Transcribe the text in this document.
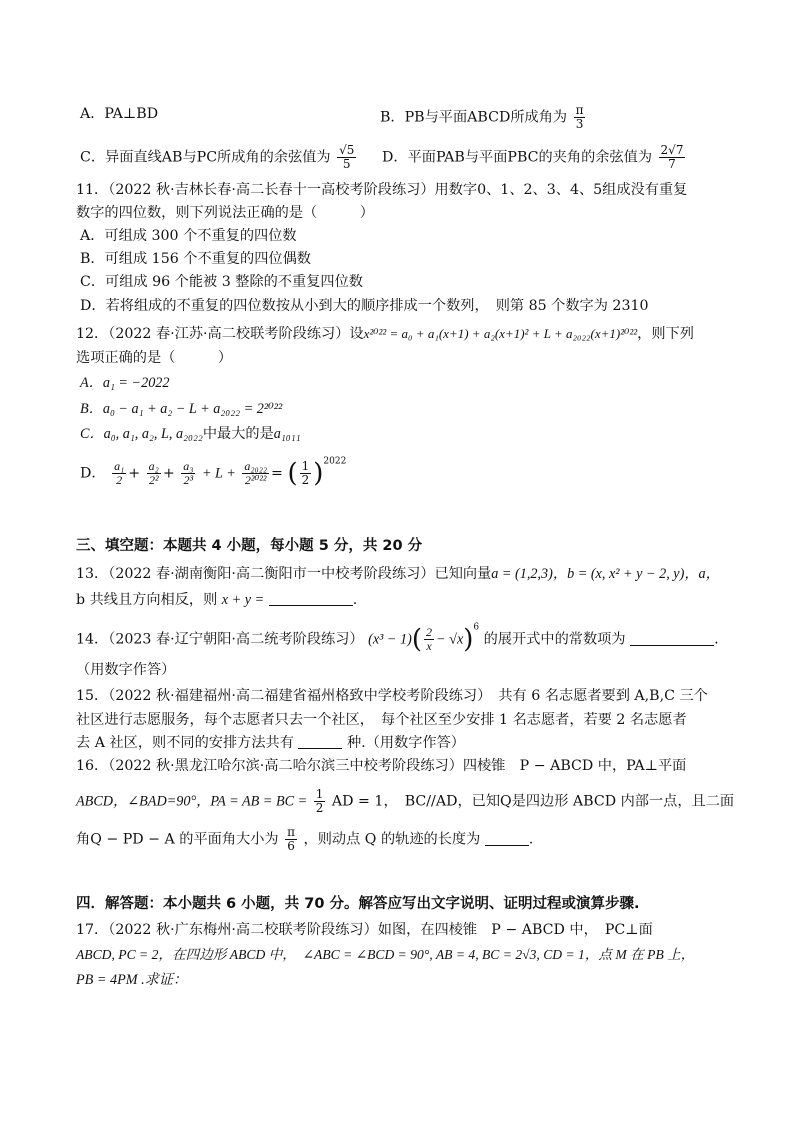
A．PA⊥BD	B．PB与平面ABCD所成角为 $\frac{\pi}{3}$
C．异面直线AB与PC所成角的余弦值为 $\frac{√5}{5}$ D．平面PAB与平面PBC的夹角的余弦值为 $\frac{2√7}{7}$
11．（2022 秋·吉林长春·高二长春十一高校考阶段练习）用数字0、1、2、3、4、5组成没有重复
数字的四位数，则下列说法正确的是（　　　）
A．可组成 300 个不重复的四位数
B．可组成 156 个不重复的四位偶数
C．可组成 96 个能被 3 整除的不重复四位数
D．若将组成的不重复的四位数按从小到大的顺序排成一个数列，　则第 85 个数字为 2310
12．（2022 春·江苏·高二校联考阶段练习）设x²⁰²² = a₀ + a₁(x+1) + a₂(x+1)² + L + a₂₀₂₂(x+1)²⁰²²，则下列
选项正确的是（　　　）
A．a₁ = −2022
B．a₀ − a₁ + a₂ − L + a₂₀₂₂ = 2²⁰²²
C．a₀, a₁, a₂, L, a₂₀₂₂中最大的是a₁₀₁₁
D． $\frac{\text{a₁}}{2} + \frac{\text{a₂}}{\text{2²}} + \frac{\text{a₃}}{\text{2³}} + L + \frac{\text{a₂₀₂₂}}{\text{2²⁰²²}}$ = ( $\frac{1}{2} )^{2022}$
三、填空题：本题共 4 小题，每小题 5 分，共 20 分
13．（2022 春·湖南衡阳·高二衡阳市一中校考阶段练习）已知向量a = (1,2,3)，b = (x, x² + y − 2, y)，a，
b 共线且方向相反，则 x + y =	.
14．（2023 春·辽宁朝阳·高二统考阶段练习） $(x^3 - 1)( \frac{2}{x} - √x)^6$ 的展开式中的常数项为	.
（用数字作答）
15．（2022 秋·福建福州·高二福建省福州格致中学校考阶段练习）　共有 6 名志愿者要到 A,B,C 三个
社区进行志愿服务，每个志愿者只去一个社区，　每个社区至少安排 1 名志愿者，若要 2 名志愿者
去 A 社区，则不同的安排方法共有	种.（用数字作答）
16．（2022 秋·黑龙江哈尔滨·高二哈尔滨三中校考阶段练习）四棱锥　P − ABCD 中，PA⊥平面
ABCD，∠BAD=90°，PA = AB = BC = $\frac{1}{2}$ AD = 1，　BC//AD，已知Q是四边形 ABCD 内部一点，且二面
角Q − PD − A 的平面角大小为 $\frac{\pi}{6}$ ，则动点 Q 的轨迹的长度为	.
四．解答题：本小题共 6 小题，共 70 分。解答应写出文字说明、证明过程或演算步骤.
17．（2022 秋·广东梅州·高二校联考阶段练习）如图，在四棱锥　P − ABCD 中，　PC⊥面
ABCD, PC = 2，在四边形 ABCD 中，　∠ABC = ∠BCD = 90°, AB = 4, BC = 2√3, CD = 1，点 M 在 PB 上，
PB = 4PM .求证：
